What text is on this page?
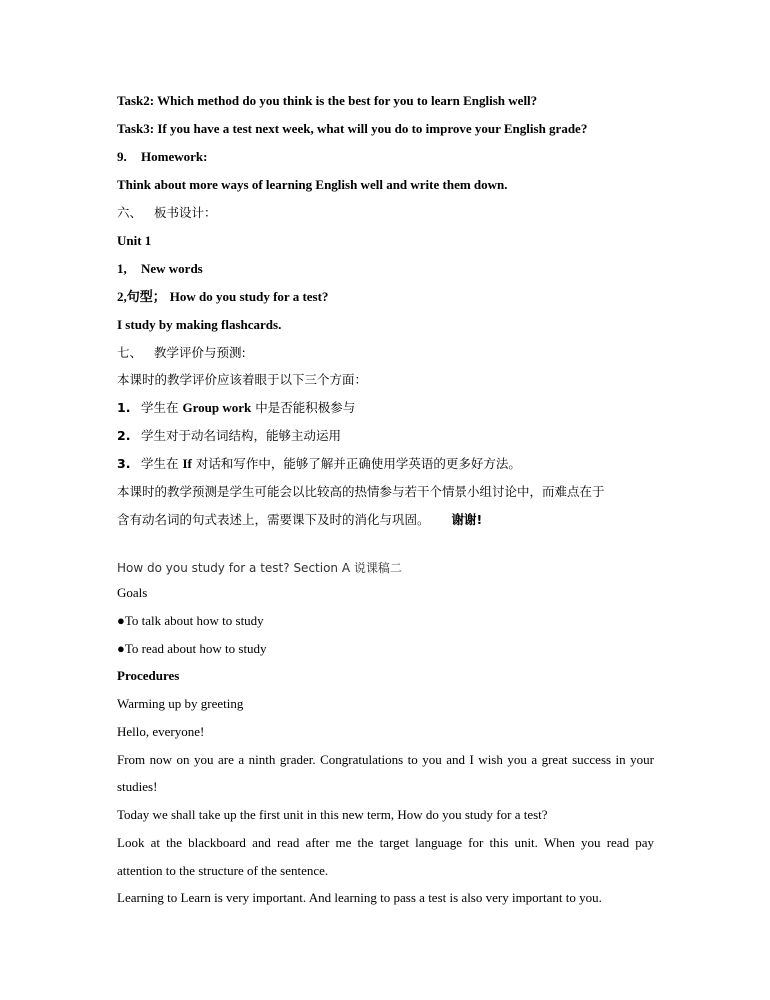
Task2: Which method do you think is the best for you to learn English well?
Task3: If you have a test next week, what will you do to improve your English grade?
9. Homework:
Think about more ways of learning English well and write them down.
六、 板书设计：
Unit 1
1, New words
2,句型； How do you study for a test?
I study by making flashcards.
七、 教学评价与预测:
本课时的教学评价应该着眼于以下三个方面：
1. 学生在 Group work 中是否能积极参与
2. 学生对于动名词结构，能够主动运用
3. 学生在 If 对话和写作中，能够了解并正确使用学英语的更多好方法。
本课时的教学预测是学生可能会以比较高的热情参与若干个情景小组讨论中，而难点在于
含有动名词的句式表述上，需要课下及时的消化与巩固。 谢谢!
How do you study for a test? Section A 说课稿二
Goals
●To talk about how to study
●To read about how to study
Procedures
Warming up by greeting
Hello, everyone!
From now on you are a ninth grader. Congratulations to you and I wish you a great success in your
studies!
Today we shall take up the first unit in this new term, How do you study for a test?
Look at the blackboard and read after me the target language for this unit. When you read pay
attention to the structure of the sentence.
Learning to Learn is very important. And learning to pass a test is also very important to you.
